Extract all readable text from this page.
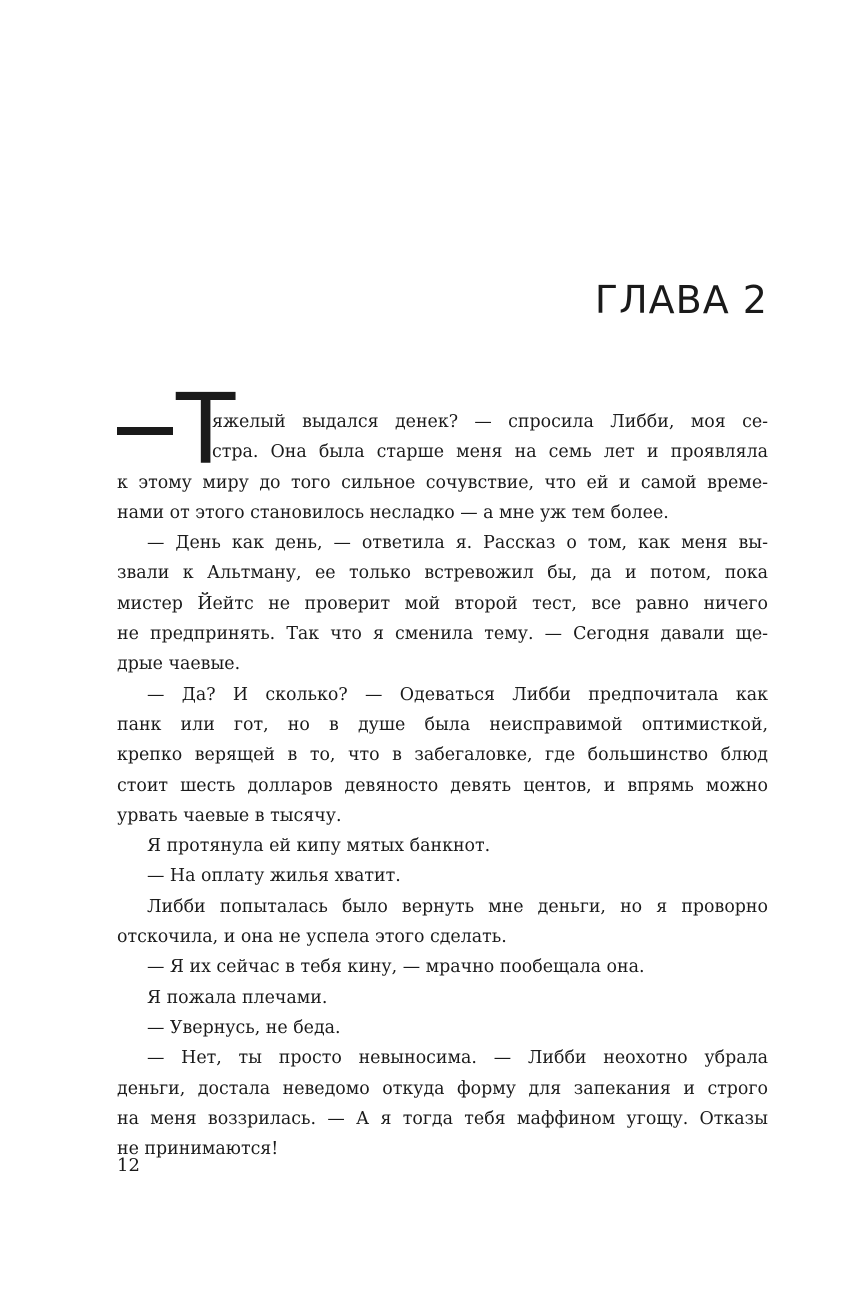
ГЛАВА 2
Т
яжелый выдался денек? — спросила Либби, моя се-
стра. Она была старше меня на семь лет и проявляла
к этому миру до того сильное сочувствие, что ей и самой време-
нами от этого становилось несладко — а мне уж тем более.
— День как день, — ответила я. Рассказ о том, как меня вы-
звали к Альтману, ее только встревожил бы, да и потом, пока
мистер Йейтс не проверит мой второй тест, все равно ничего
не предпринять. Так что я сменила тему. — Сегодня давали ще-
дрые чаевые.
— Да? И сколько? — Одеваться Либби предпочитала как
панк или гот, но в душе была неисправимой оптимисткой,
крепко верящей в то, что в забегаловке, где большинство блюд
стоит шесть долларов девяносто девять центов, и впрямь можно
урвать чаевые в тысячу.
Я протянула ей кипу мятых банкнот.
— На оплату жилья хватит.
Либби попыталась было вернуть мне деньги, но я проворно
отскочила, и она не успела этого сделать.
— Я их сейчас в тебя кину, — мрачно пообещала она.
Я пожала плечами.
— Увернусь, не беда.
— Нет, ты просто невыносима. — Либби неохотно убрала
деньги, достала неведомо откуда форму для запекания и строго
на меня воззрилась. — А я тогда тебя маффином угощу. Отказы
не принимаются!
12
